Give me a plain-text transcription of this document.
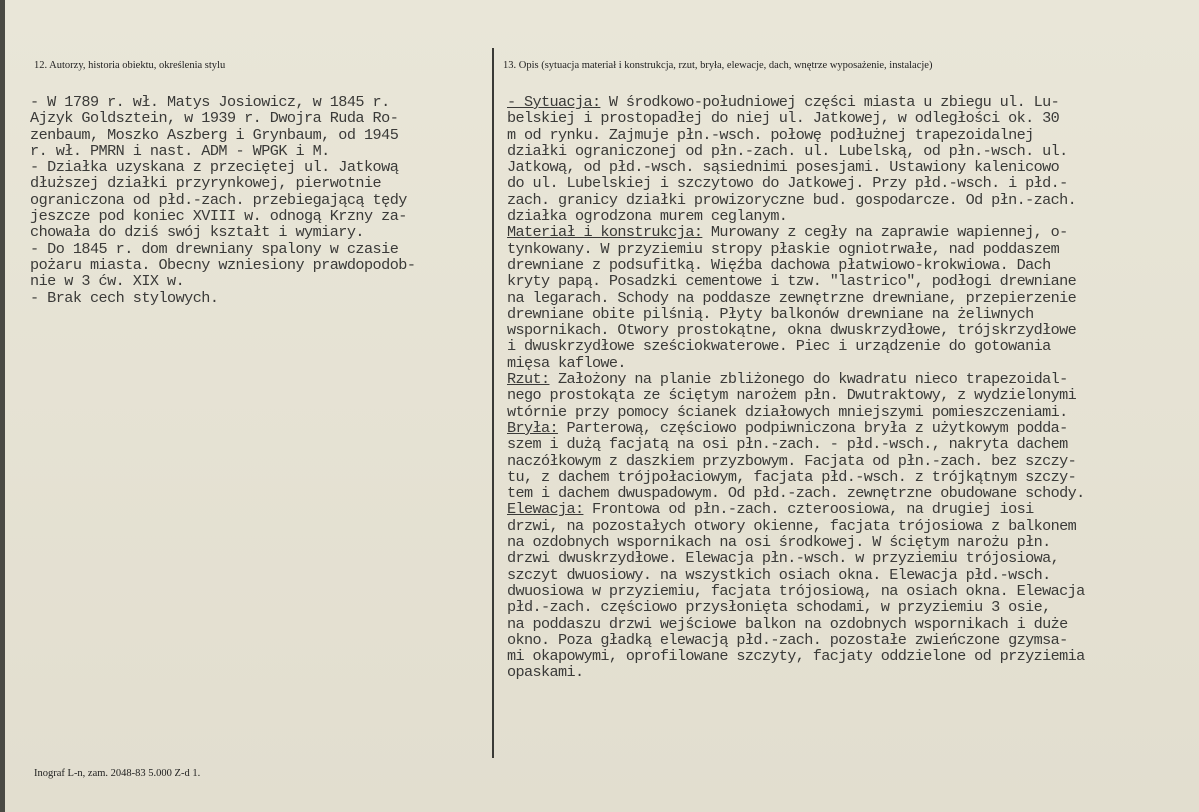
12. Autorzy, historia obiektu, określenia stylu	13. Opis (sytuacja materiał i konstrukcja, rzut, bryła, elewacje, dach, wnętrze wyposażenie, instalacje)
- W 1789 r. wł. Matys Josiowicz, w 1845 r.
Ajzyk Goldsztein, w 1939 r. Dwojra Ruda Ro-
zenbaum, Moszko Aszberg i Grynbaum, od 1945
r. wł. PMRN i nast. ADM - WPGK i M.
- Działka uzyskana z przeciętej ul. Jatkową
dłuższej działki przyrynkowej, pierwotnie
ograniczona od płd.-zach. przebiegającą tędy
jeszcze pod koniec XVIII w. odnogą Krzny za-
chowała do dziś swój kształt i wymiary.
- Do 1845 r. dom drewniany spalony w czasie
pożaru miasta. Obecny wzniesiony prawdopodob-
nie w 3 ćw. XIX w.
- Brak cech stylowych.
- Sytuacja: W środkowo-południowej części miasta u zbiegu ul. Lu-
belskiej i prostopadłej do niej ul. Jatkowej, w odległości ok. 30
m od rynku. Zajmuje płn.-wsch. połowę podłużnej trapezoidalnej
działki ograniczonej od płn.-zach. ul. Lubelską, od płn.-wsch. ul.
Jatkową, od płd.-wsch. sąsiednimi posesjami. Ustawiony kalenicowo
do ul. Lubelskiej i szczytowo do Jatkowej. Przy płd.-wsch. i płd.-
zach. granicy działki prowizoryczne bud. gospodarcze. Od płn.-zach.
działka ogrodzona murem ceglanym.
Materiał i konstrukcja: Murowany z cegły na zaprawie wapiennej, o-
tynkowany. W przyziemiu stropy płaskie ogniotrwałe, nad poddaszem
drewniane z podsufitką. Więźba dachowa płatwiowo-krokwiowa. Dach
kryty papą. Posadzki cementowe i tzw. "lastrico", podłogi drewniane
na legarach. Schody na poddasze zewnętrzne drewniane, przepierzenie
drewniane obite pilśnią. Płyty balkonów drewniane na żeliwnych
wspornikach. Otwory prostokątne, okna dwuskrzydłowe, trójskrzydłowe
i dwuskrzydłowe sześciokwaterowe. Piec i urządzenie do gotowania
mięsa kaflowe.
Rzut: Założony na planie zbliżonego do kwadratu nieco trapezoidal-
nego prostokąta ze ściętym narożem płn. Dwutraktowy, z wydzielonymi
wtórnie przy pomocy ścianek działowych mniejszymi pomieszczeniami.
Bryła: Parterową, częściowo podpiwniczona bryła z użytkowym podda-
szem i dużą facjatą na osi płn.-zach. - płd.-wsch., nakryta dachem
naczółkowym z daszkiem przyzbowym. Facjata od płn.-zach. bez szczy-
tu, z dachem trójpołaciowym, facjata płd.-wsch. z trójkątnym szczy-
tem i dachem dwuspadowym. Od płd.-zach. zewnętrzne obudowane schody.
Elewacja: Frontowa od płn.-zach. czteroosiowa, na drugiej iosi
drzwi, na pozostałych otwory okienne, facjata trójosiowa z balkonem
na ozdobnych wspornikach na osi środkowej. W ściętym narożu płn.
drzwi dwuskrzydłowe. Elewacja płn.-wsch. w przyziemiu trójosiowa,
szczyt dwuosiowy. na wszystkich osiach okna. Elewacja płd.-wsch.
dwuosiowa w przyziemiu, facjata trójosiową, na osiach okna. Elewacja
płd.-zach. częściowo przysłonięta schodami, w przyziemiu 3 osie,
na poddaszu drzwi wejściowe balkon na ozdobnych wspornikach i duże
okno. Poza gładką elewacją płd.-zach. pozostałe zwieńczone gzymsa-
mi okapowymi, oprofilowane szczyty, facjaty oddzielone od przyziemia
opaskami.
Inograf L-n, zam. 2048-83 5.000 Z-d 1.
